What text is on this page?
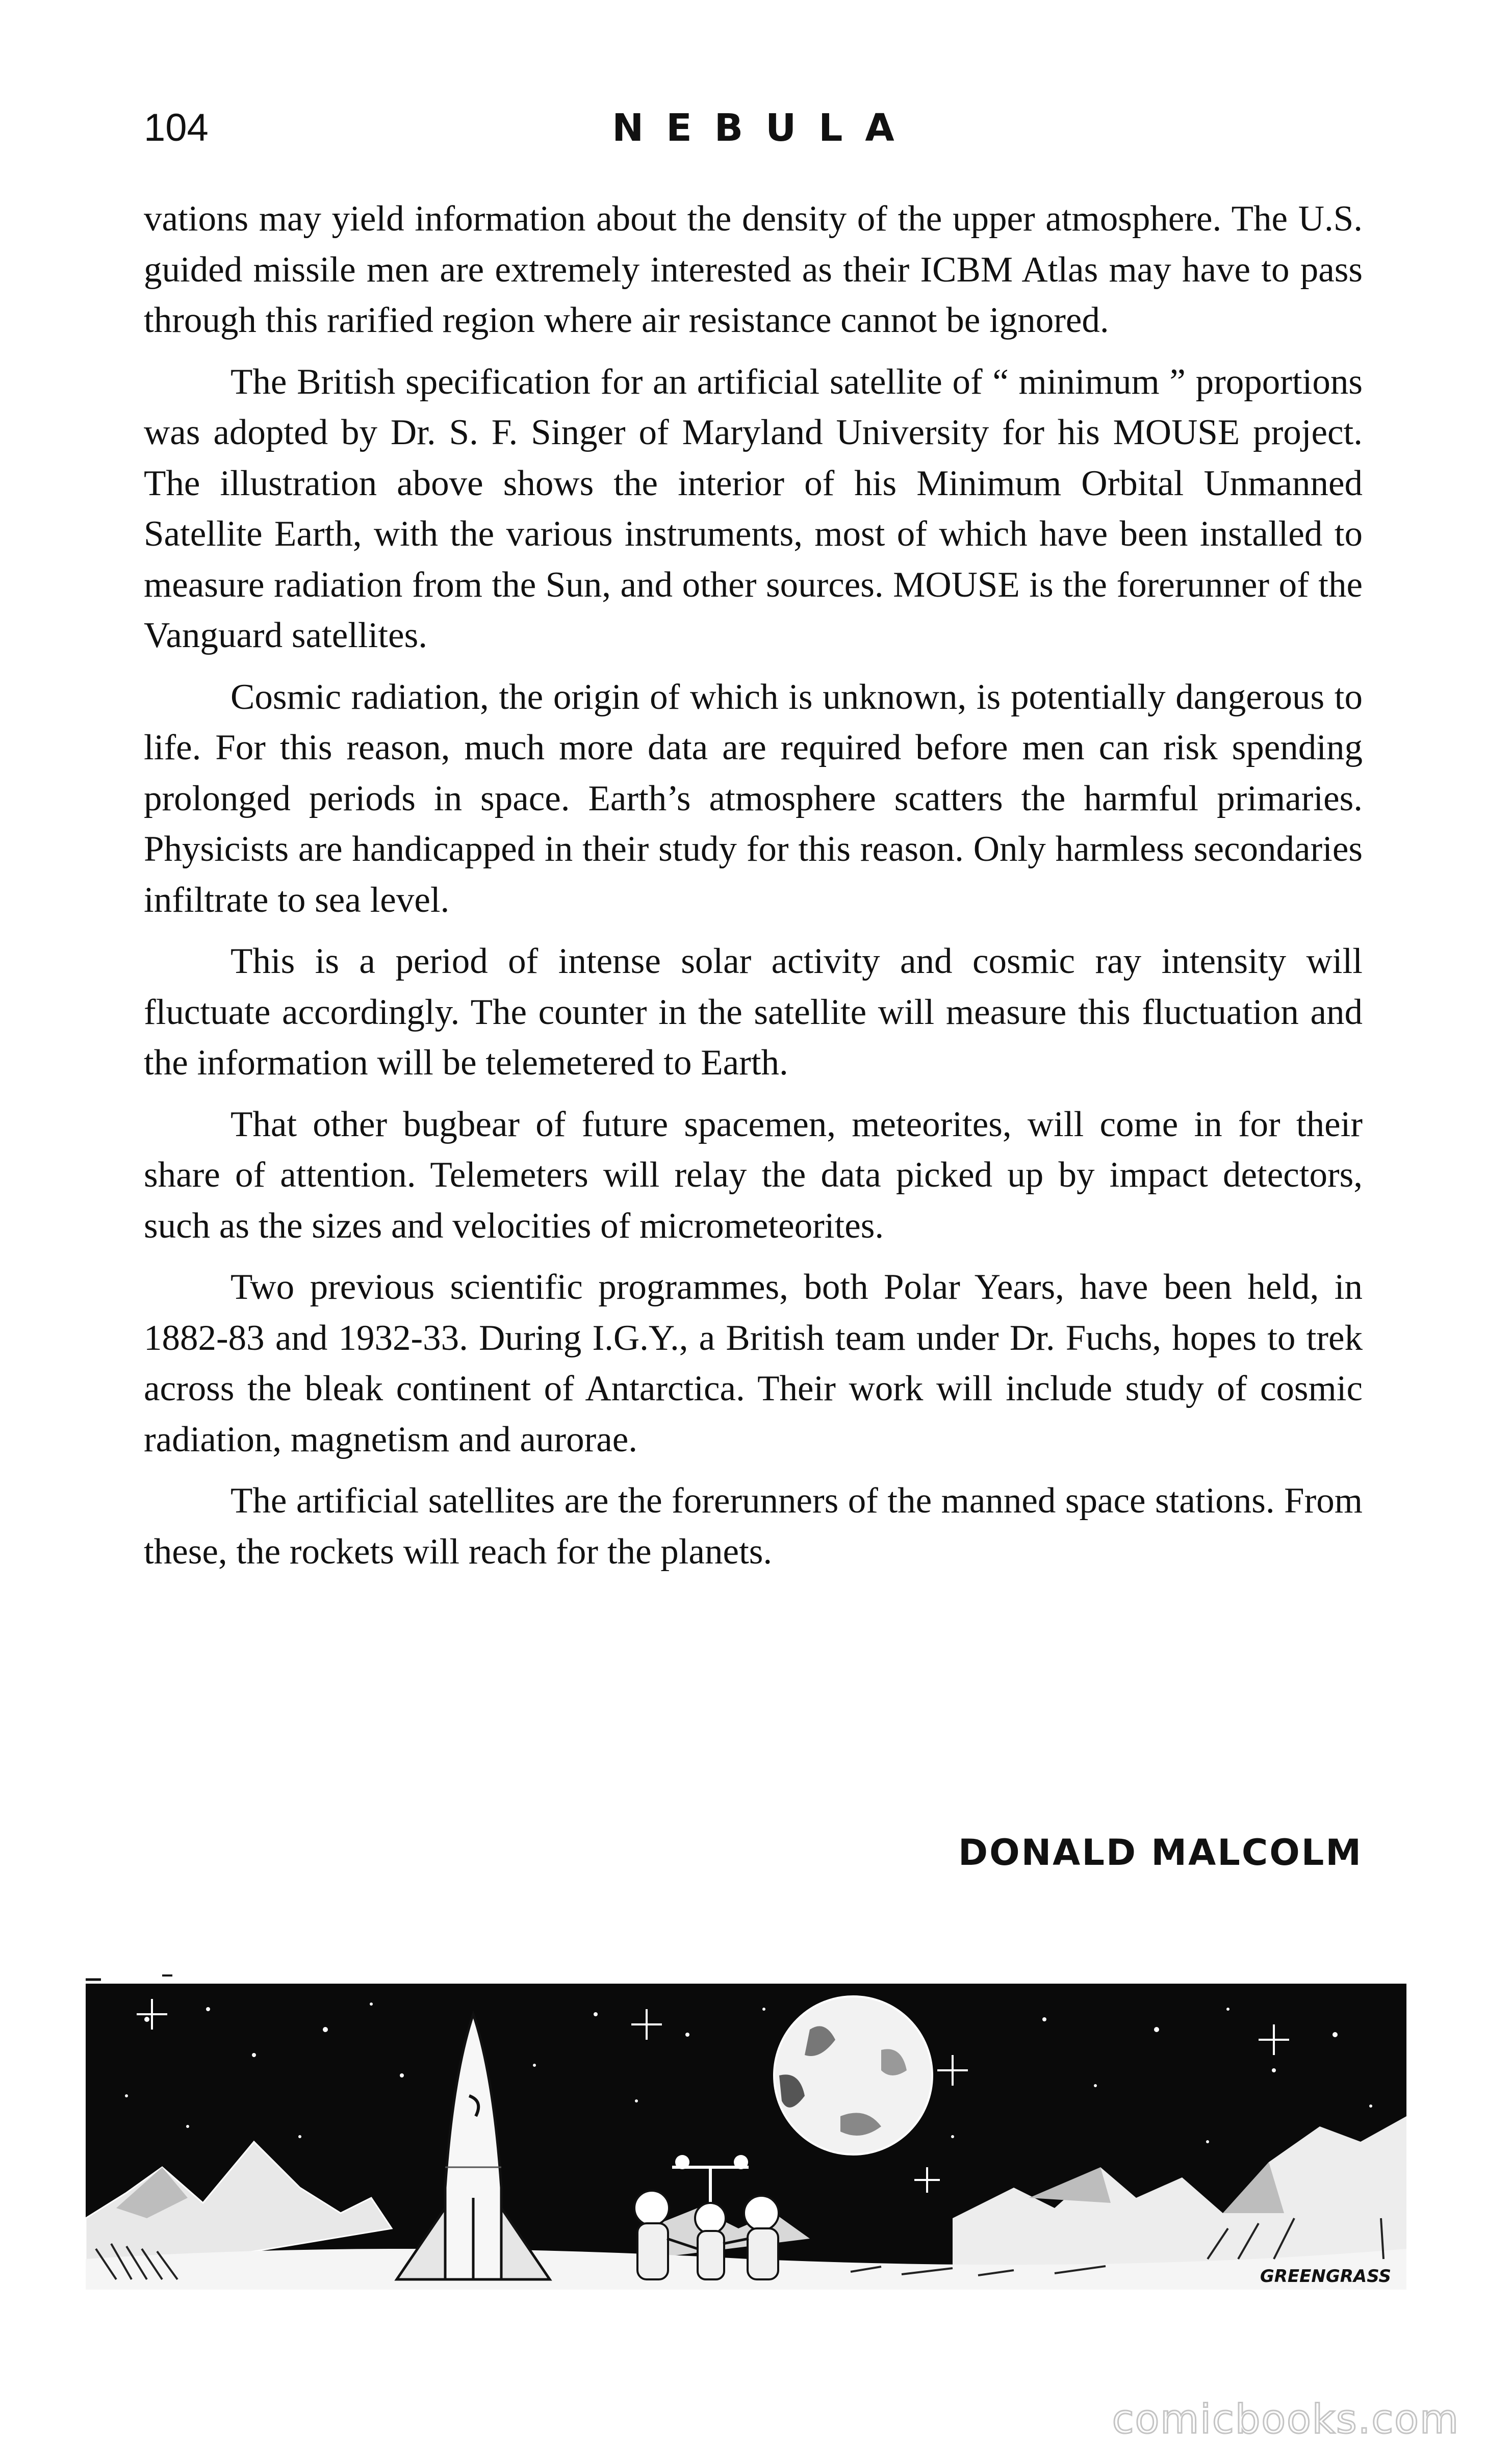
104	NEBULA

vations may yield information about the density of the upper atmosphere. The U.S. guided missile men are extremely interested as their ICBM Atlas may have to pass through this rarified region where air resistance cannot be ignored.

The British specification for an artificial satellite of “ minimum ” proportions was adopted by Dr. S. F. Singer of Maryland University for his MOUSE project. The illustration above shows the interior of his Minimum Orbital Unmanned Satellite Earth, with the various instruments, most of which have been installed to measure radiation from the Sun, and other sources. MOUSE is the forerunner of the Vanguard satellites.

Cosmic radiation, the origin of which is unknown, is potentially dangerous to life. For this reason, much more data are required before men can risk spending prolonged periods in space. Earth’s atmosphere scatters the harmful primaries. Physicists are handicapped in their study for this reason. Only harmless secondaries infiltrate to sea level.

This is a period of intense solar activity and cosmic ray intensity will fluctuate accordingly. The counter in the satellite will measure this fluctuation and the information will be telemetered to Earth.

That other bugbear of future spacemen, meteorites, will come in for their share of attention. Telemeters will relay the data picked up by impact detectors, such as the sizes and velocities of micrometeorites.

Two previous scientific programmes, both Polar Years, have been held, in 1882-83 and 1932-33. During I.G.Y., a British team under Dr. Fuchs, hopes to trek across the bleak continent of Antarctica. Their work will include study of cosmic radiation, magnetism and aurorae.

The artificial satellites are the forerunners of the manned space stations. From these, the rockets will reach for the planets.

DONALD MALCOLM
GREENGRASS
comicbooks.com
